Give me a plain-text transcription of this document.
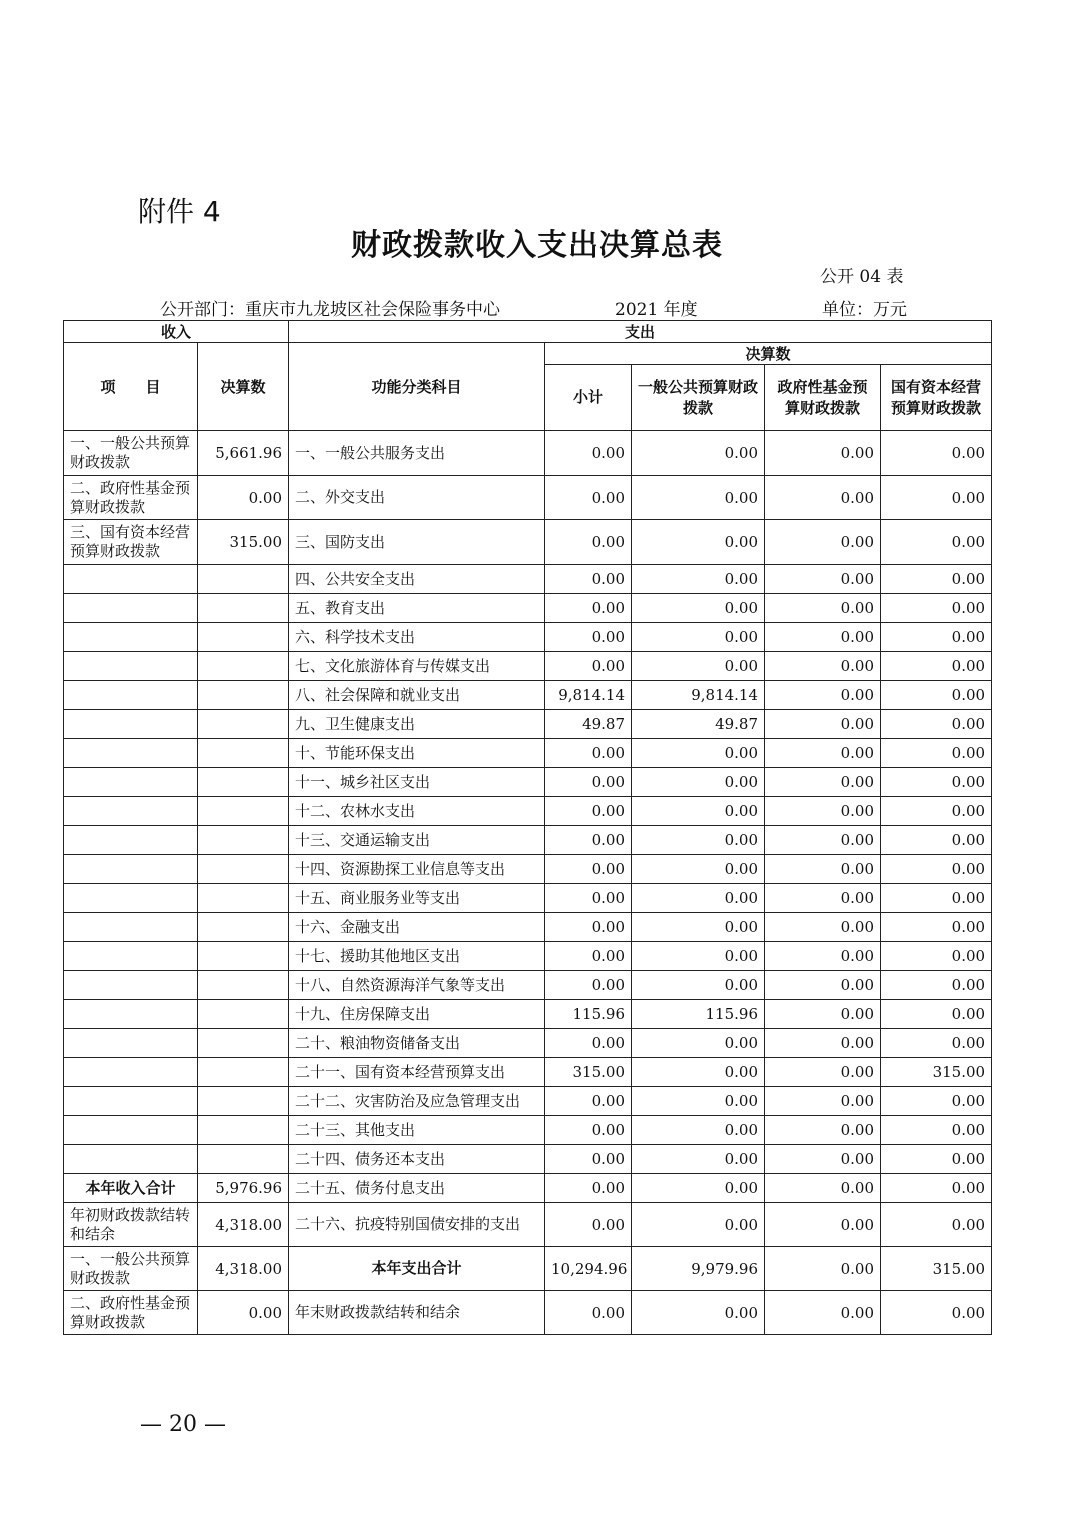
附件 4
财政拨款收入支出决算总表
公开 04 表
公开部门：重庆市九龙坡区社会保险事务中心	2021 年度	单位：万元
收入		支出				
项　　目	决算数	功能分类科目	决算数			
			小计	一般公共预算财政拨款	政府性基金预算财政拨款	国有资本经营预算财政拨款
一、一般公共预算财政拨款	5,661.96	一、一般公共服务支出	0.00	0.00	0.00	0.00
二、政府性基金预算财政拨款	0.00	二、外交支出	0.00	0.00	0.00	0.00
三、国有资本经营预算财政拨款	315.00	三、国防支出	0.00	0.00	0.00	0.00
		四、公共安全支出	0.00	0.00	0.00	0.00
		五、教育支出	0.00	0.00	0.00	0.00
		六、科学技术支出	0.00	0.00	0.00	0.00
		七、文化旅游体育与传媒支出	0.00	0.00	0.00	0.00
		八、社会保障和就业支出	9,814.14	9,814.14	0.00	0.00
		九、卫生健康支出	49.87	49.87	0.00	0.00
		十、节能环保支出	0.00	0.00	0.00	0.00
		十一、城乡社区支出	0.00	0.00	0.00	0.00
		十二、农林水支出	0.00	0.00	0.00	0.00
		十三、交通运输支出	0.00	0.00	0.00	0.00
		十四、资源勘探工业信息等支出	0.00	0.00	0.00	0.00
		十五、商业服务业等支出	0.00	0.00	0.00	0.00
		十六、金融支出	0.00	0.00	0.00	0.00
		十七、援助其他地区支出	0.00	0.00	0.00	0.00
		十八、自然资源海洋气象等支出	0.00	0.00	0.00	0.00
		十九、住房保障支出	115.96	115.96	0.00	0.00
		二十、粮油物资储备支出	0.00	0.00	0.00	0.00
		二十一、国有资本经营预算支出	315.00	0.00	0.00	315.00
		二十二、灾害防治及应急管理支出	0.00	0.00	0.00	0.00
		二十三、其他支出	0.00	0.00	0.00	0.00
		二十四、债务还本支出	0.00	0.00	0.00	0.00
本年收入合计	5,976.96	二十五、债务付息支出	0.00	0.00	0.00	0.00
年初财政拨款结转和结余	4,318.00	二十六、抗疫特别国债安排的支出	0.00	0.00	0.00	0.00
一、一般公共预算财政拨款	4,318.00	本年支出合计	10,294.96	9,979.96	0.00	315.00
二、政府性基金预算财政拨款	0.00	年末财政拨款结转和结余	0.00	0.00	0.00	0.00
— 20 —
